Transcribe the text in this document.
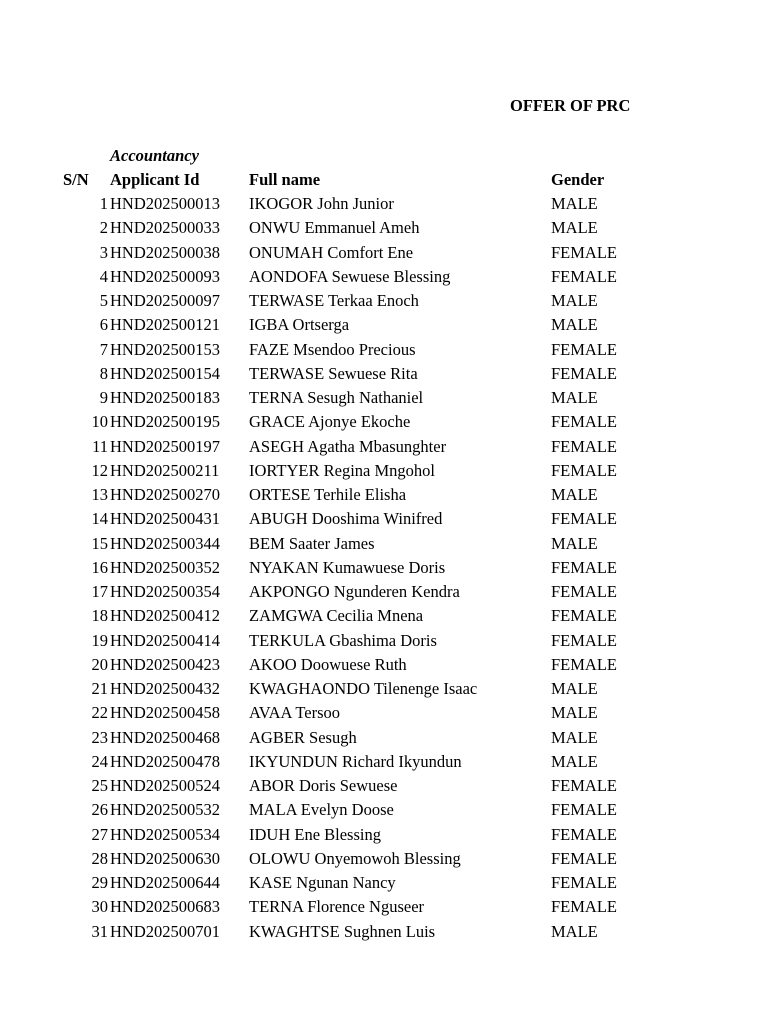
OFFER OF PRC
Accountancy
S/N Applicant Id	Full name	Gender
1 HND202500013 IKOGOR John Junior	MALE
2 HND202500033 ONWU Emmanuel Ameh	MALE
3 HND202500038 ONUMAH Comfort Ene	FEMALE
4 HND202500093 AONDOFA Sewuese Blessing	FEMALE
5 HND202500097 TERWASE Terkaa Enoch	MALE
6 HND202500121 IGBA Ortserga	MALE
7 HND202500153 FAZE Msendoo Precious	FEMALE
8 HND202500154 TERWASE Sewuese Rita	FEMALE
9 HND202500183 TERNA Sesugh Nathaniel	MALE
10 HND202500195 GRACE Ajonye Ekoche	FEMALE
11 HND202500197 ASEGH Agatha Mbasunghter	FEMALE
12 HND202500211 IORTYER Regina Mngohol	FEMALE
13 HND202500270 ORTESE Terhile Elisha	MALE
14 HND202500431 ABUGH Dooshima Winifred	FEMALE
15 HND202500344 BEM Saater James	MALE
16 HND202500352 NYAKAN Kumawuese Doris	FEMALE
17 HND202500354 AKPONGO Ngunderen Kendra	FEMALE
18 HND202500412 ZAMGWA Cecilia Mnena	FEMALE
19 HND202500414 TERKULA Gbashima Doris	FEMALE
20 HND202500423 AKOO Doowuese Ruth	FEMALE
21 HND202500432 KWAGHAONDO Tilenenge Isaac	MALE
22 HND202500458 AVAA Tersoo	MALE
23 HND202500468 AGBER Sesugh	MALE
24 HND202500478 IKYUNDUN Richard Ikyundun	MALE
25 HND202500524 ABOR Doris Sewuese	FEMALE
26 HND202500532 MALA Evelyn Doose	FEMALE
27 HND202500534 IDUH Ene Blessing	FEMALE
28 HND202500630 OLOWU Onyemowoh Blessing	FEMALE
29 HND202500644 KASE Ngunan Nancy	FEMALE
30 HND202500683 TERNA Florence Nguseer	FEMALE
31 HND202500701 KWAGHTSE Sughnen Luis	MALE
